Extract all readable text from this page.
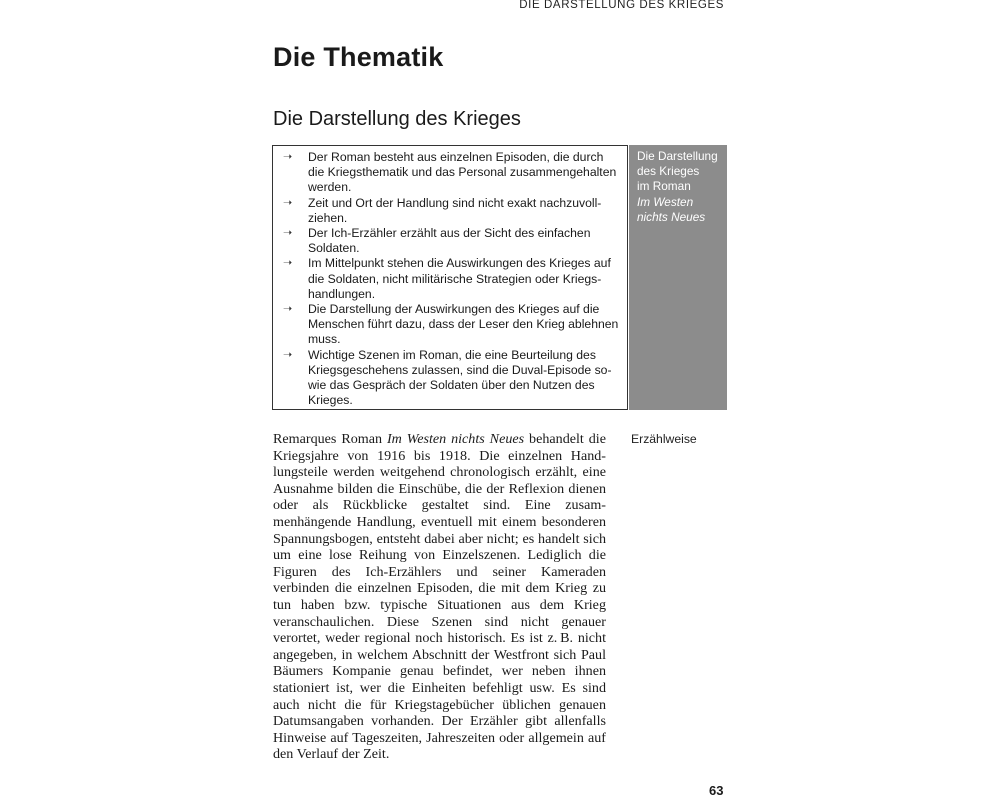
DIE DARSTELLUNG DES KRIEGES
Die Thematik
Die Darstellung des Krieges
➝ Der Roman besteht aus einzelnen Episoden, die durch die Kriegsthematik und das Personal zusammengehalten werden.
➝ Zeit und Ort der Handlung sind nicht exakt nachzuvollziehen.
➝ Der Ich-Erzähler erzählt aus der Sicht des einfachen Soldaten.
➝ Im Mittelpunkt stehen die Auswirkungen des Krieges auf die Soldaten, nicht militärische Strategien oder Kriegshandlungen.
➝ Die Darstellung der Auswirkungen des Krieges auf die Menschen führt dazu, dass der Leser den Krieg ablehnen muss.
➝ Wichtige Szenen im Roman, die eine Beurteilung des Kriegsgeschehens zulassen, sind die Duval-Episode sowie das Gespräch der Soldaten über den Nutzen des Krieges.
Die Darstellung
des Krieges
im Roman
Im Westen
nichts Neues
Erzählweise

Remarques Roman Im Westen nichts Neues behandelt die Kriegsjahre von 1916 bis 1918. Die einzelnen Handlungsteile werden weitgehend chronologisch erzählt, eine Ausnahme bilden die Einschübe, die der Reflexion dienen oder als Rückblicke gestaltet sind. Eine zusammenhängende Handlung, eventuell mit einem besonderen Spannungsbogen, entsteht dabei aber nicht; es handelt sich um eine lose Reihung von Einzelszenen. Lediglich die Figuren des Ich-Erzählers und seiner Kameraden verbinden die einzelnen Episoden, die mit dem Krieg zu tun haben bzw. typische Situationen aus dem Krieg veranschaulichen. Diese Szenen sind nicht genauer verortet, weder regional noch historisch. Es ist z. B. nicht angegeben, in welchem Abschnitt der Westfront sich Paul Bäumers Kompanie genau befindet, wer neben ihnen stationiert ist, wer die Einheiten befehligt usw. Es sind auch nicht die für Kriegstagebücher üblichen genauen Datumsangaben vorhanden. Der Erzähler gibt allenfalls Hinweise auf Tageszeiten, Jahreszeiten oder allgemein auf den Verlauf der Zeit.

63
